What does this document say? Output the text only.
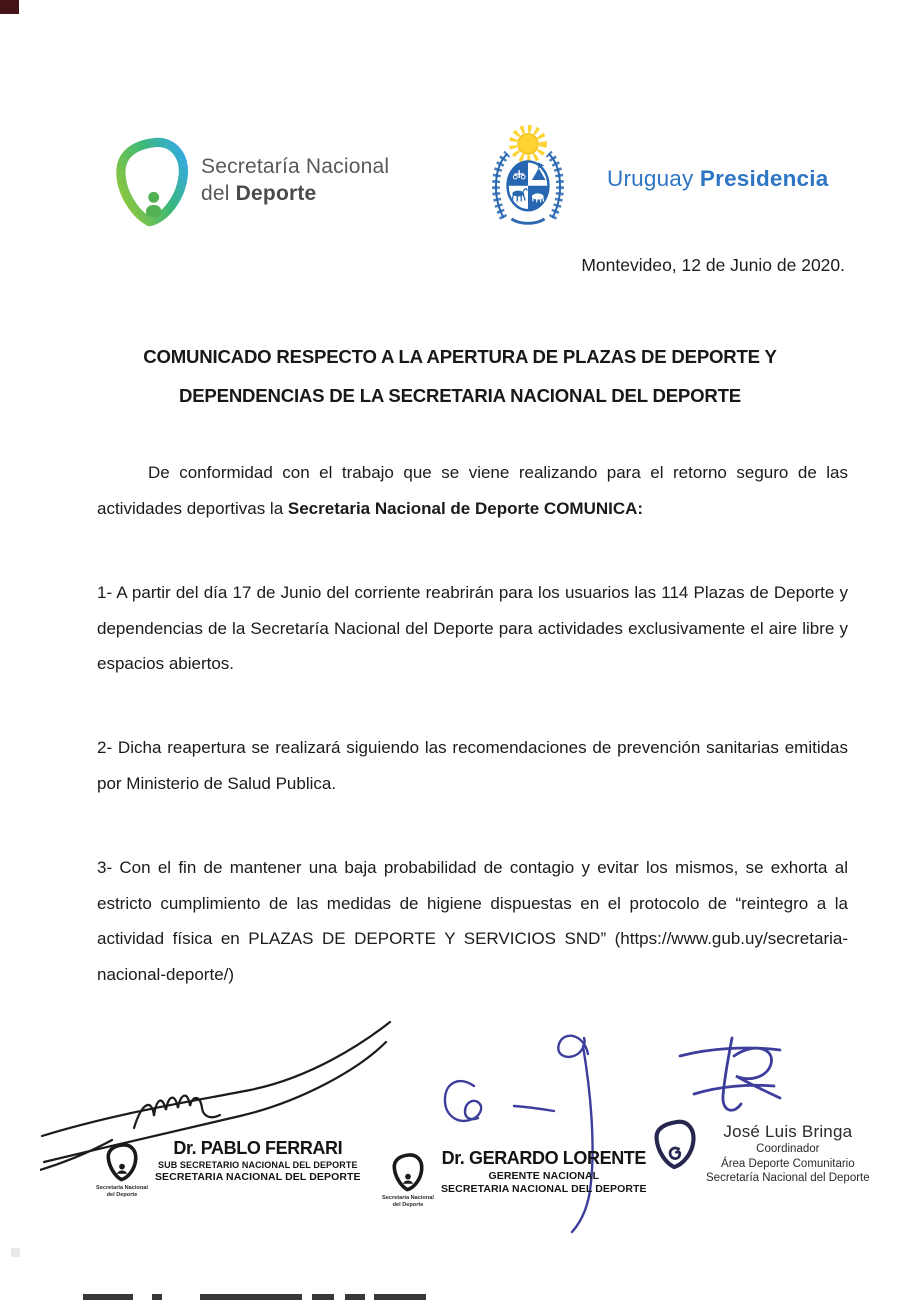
Secretaría Nacional
del Deporte
Uruguay Presidencia
Montevideo, 12 de Junio de 2020.
COMUNICADO RESPECTO A LA APERTURA DE PLAZAS DE DEPORTE Y
DEPENDENCIAS DE LA SECRETARIA NACIONAL DEL DEPORTE

De conformidad con el trabajo que se viene realizando para el retorno seguro de las actividades deportivas la Secretaria Nacional de Deporte COMUNICA:

1- A partir del día 17 de Junio del corriente reabrirán para los usuarios las 114 Plazas de Deporte y dependencias de la Secretaría Nacional del Deporte para actividades exclusivamente el aire libre y espacios abiertos.

2- Dicha reapertura se realizará siguiendo las recomendaciones de prevención sanitarias emitidas por Ministerio de Salud Publica.

3- Con el fin de mantener una baja probabilidad de contagio y evitar los mismos, se exhorta al estricto cumplimiento de las medidas de higiene dispuestas en el protocolo de “reintegro a la actividad física en PLAZAS DE DEPORTE Y SERVICIOS SND” (https://www.gub.uy/secretaria-nacional-deporte/)

Secretaria Nacional
del Deporte
Dr. PABLO FERRARI
SUB SECRETARIO NACIONAL DEL DEPORTE
SECRETARIA NACIONAL DEL DEPORTE
Secretaria Nacional
del Deporte
Dr. GERARDO LORENTE
GERENTE NACIONAL
SECRETARIA NACIONAL DEL DEPORTE
José Luis Bringa
Coordinador
Área Deporte Comunitario
Secretaría Nacional del Deporte
